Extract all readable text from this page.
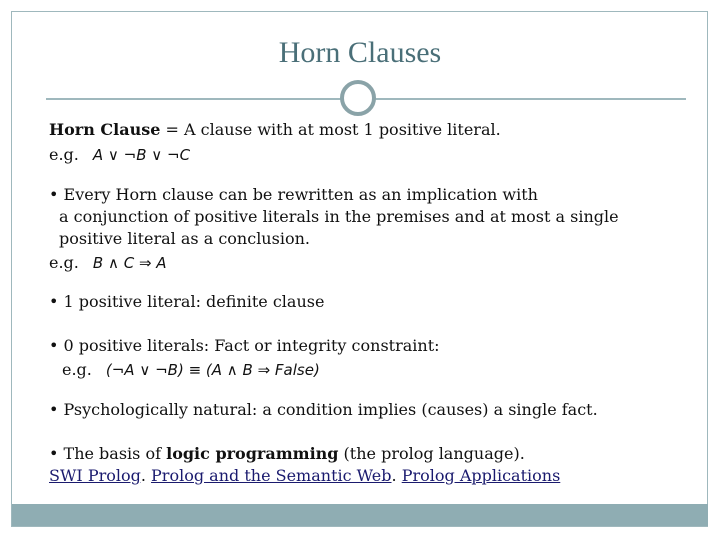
Horn Clauses
Horn Clause = A clause with at most 1 positive literal.
e.g. A ∨ ¬B ∨ ¬C
• Every Horn clause can be rewritten as an implication with
a conjunction of positive literals in the premises and at most a single
positive literal as a conclusion.
e.g. B ∧ C ⇒ A
• 1 positive literal: definite clause
• 0 positive literals: Fact or integrity constraint:
e.g. (¬A ∨ ¬B) ≡ (A ∧ B ⇒ False)
• Psychologically natural: a condition implies (causes) a single fact.
• The basis of logic programming (the prolog language).
SWI Prolog. Prolog and the Semantic Web. Prolog Applications
